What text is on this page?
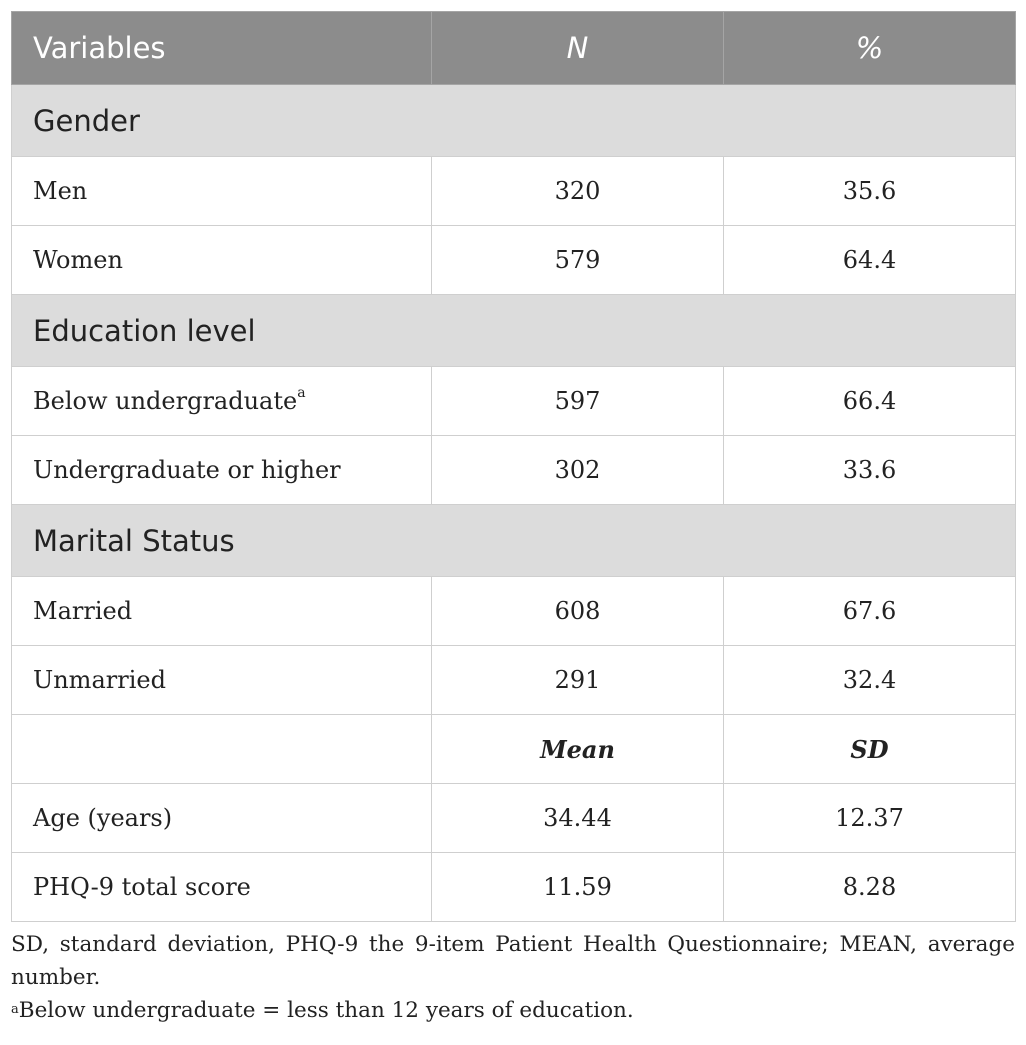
Variables	N	%
Gender		
Men	320	35.6
Women	579	64.4
Education level		
Below undergraduate$^a$	597	66.4
Undergraduate or higher	302	33.6
Marital Status		
Married	608	67.6
Unmarried	291	32.4
	Mean	SD
Age (years)	34.44	12.37
PHQ-9 total score	11.59	8.28

SD, standard deviation, PHQ-9 the 9-item Patient Health Questionnaire; MEAN, average number.

$^a$Below undergraduate = less than 12 years of education.
